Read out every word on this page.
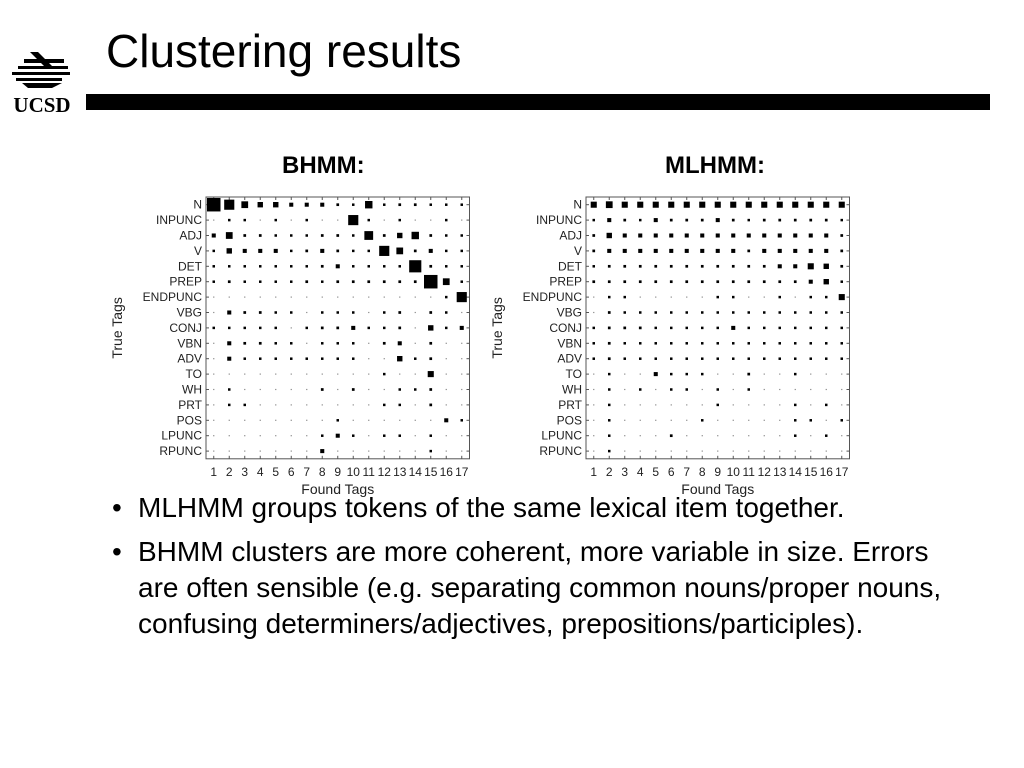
UCSD
Clustering results
BHMM:	MLHMM:
N
INPUNC
ADJ
V
DET
PREP
ENDPUNC
VBG
CONJ
VBN
ADV
TO
WH
PRT
POS
LPUNC
RPUNC
1 2 3 4 5 6 7 8 9 10 11 12 13 14 15 16 17
Found Tags
True Tags
N
INPUNC
ADJ
V
DET
PREP
ENDPUNC
VBG
CONJ
VBN
ADV
TO
WH
PRT
POS
LPUNC
RPUNC
1 2 3 4 5 6 7 8 9 10 11 12 13 14 15 16 17
Found Tags
True Tags
• MLHMM groups tokens of the same lexical item together.
• BHMM clusters are more coherent, more variable in size. Errors are often sensible (e.g. separating common nouns/proper nouns, confusing determiners/adjectives, prepositions/participles).
